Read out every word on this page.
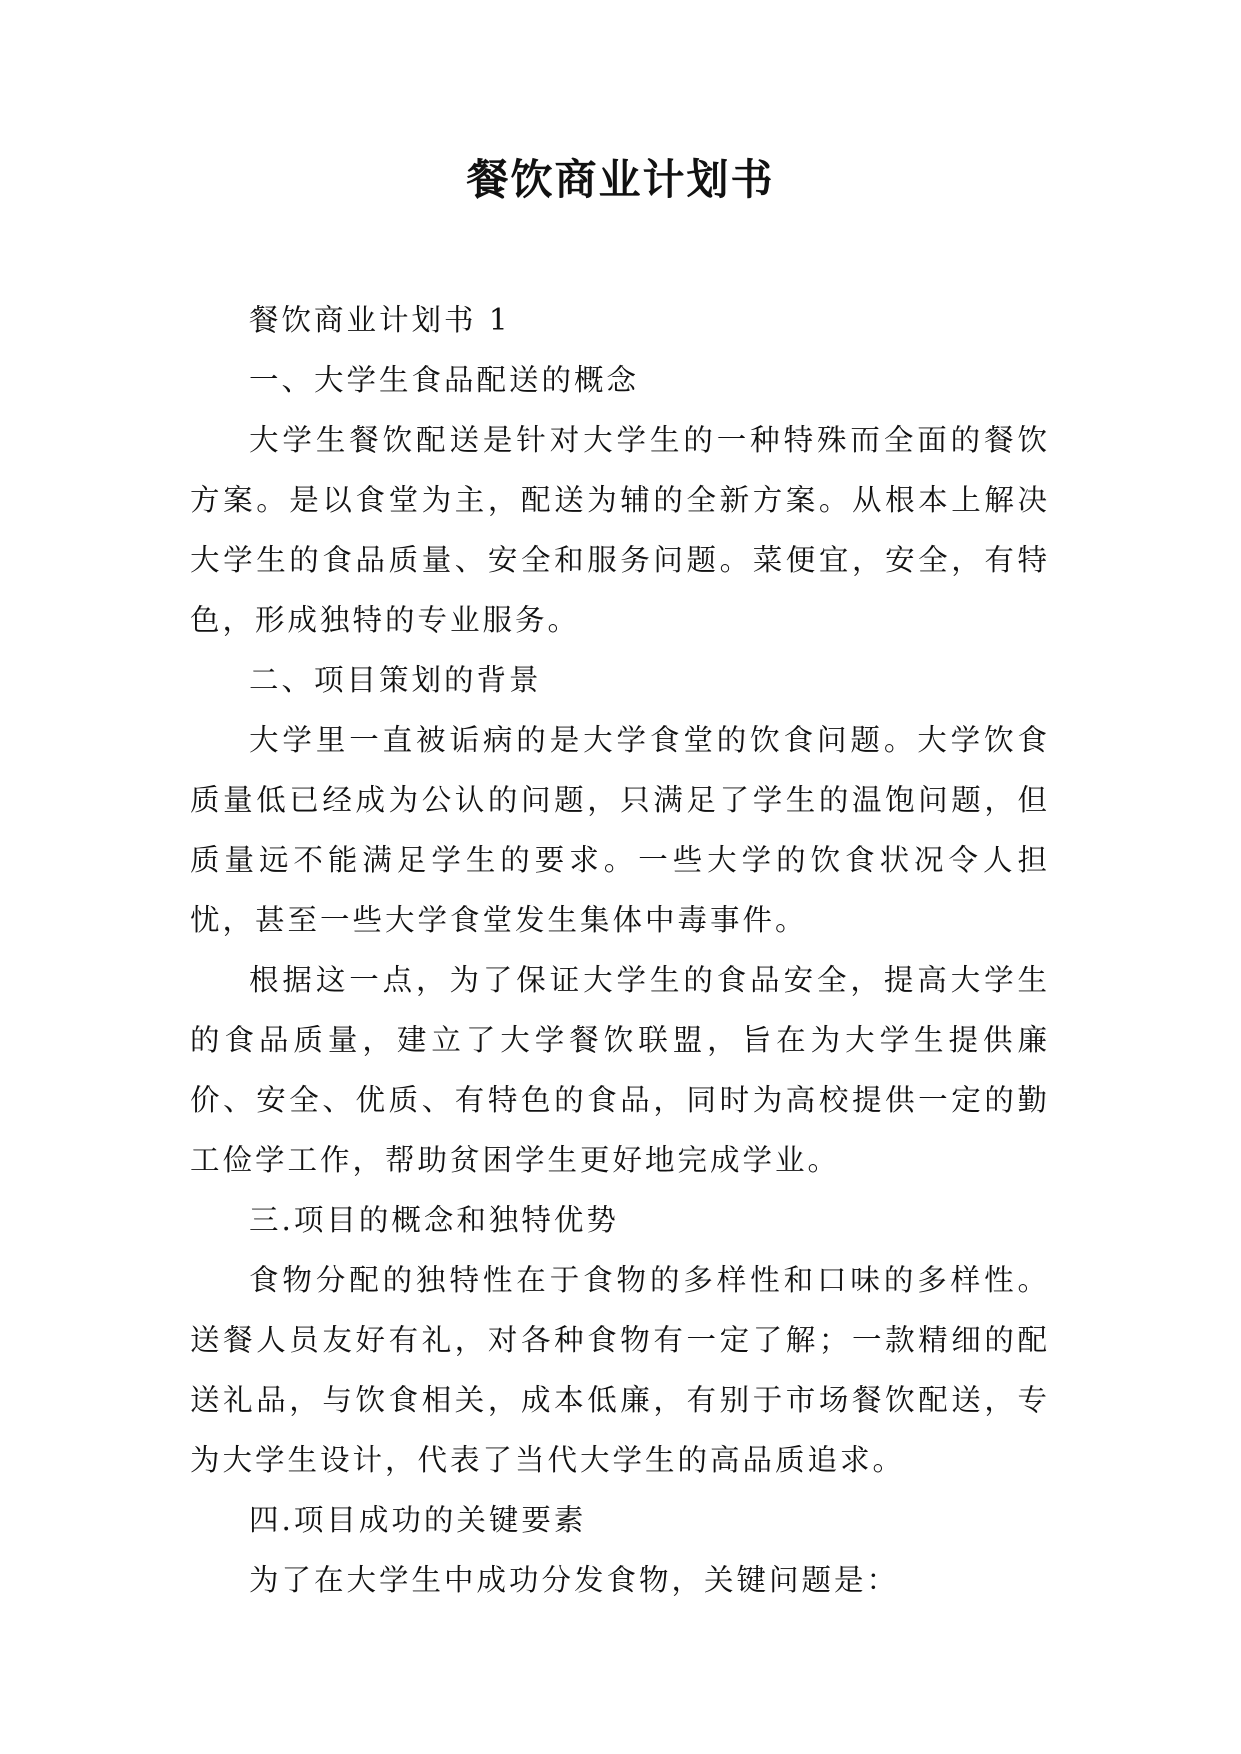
餐饮商业计划书

餐饮商业计划书 1

一、大学生食品配送的概念

大学生餐饮配送是针对大学生的一种特殊而全面的餐饮方案。是以食堂为主，配送为辅的全新方案。从根本上解决大学生的食品质量、安全和服务问题。菜便宜，安全，有特色，形成独特的专业服务。

二、项目策划的背景

大学里一直被诟病的是大学食堂的饮食问题。大学饮食质量低已经成为公认的问题，只满足了学生的温饱问题，但质量远不能满足学生的要求。一些大学的饮食状况令人担忧，甚至一些大学食堂发生集体中毒事件。

根据这一点，为了保证大学生的食品安全，提高大学生的食品质量，建立了大学餐饮联盟，旨在为大学生提供廉价、安全、优质、有特色的食品，同时为高校提供一定的勤工俭学工作，帮助贫困学生更好地完成学业。

三.项目的概念和独特优势

食物分配的独特性在于食物的多样性和口味的多样性。送餐人员友好有礼，对各种食物有一定了解；一款精细的配送礼品，与饮食相关，成本低廉，有别于市场餐饮配送，专为大学生设计，代表了当代大学生的高品质追求。

四.项目成功的关键要素

为了在大学生中成功分发食物，关键问题是：
